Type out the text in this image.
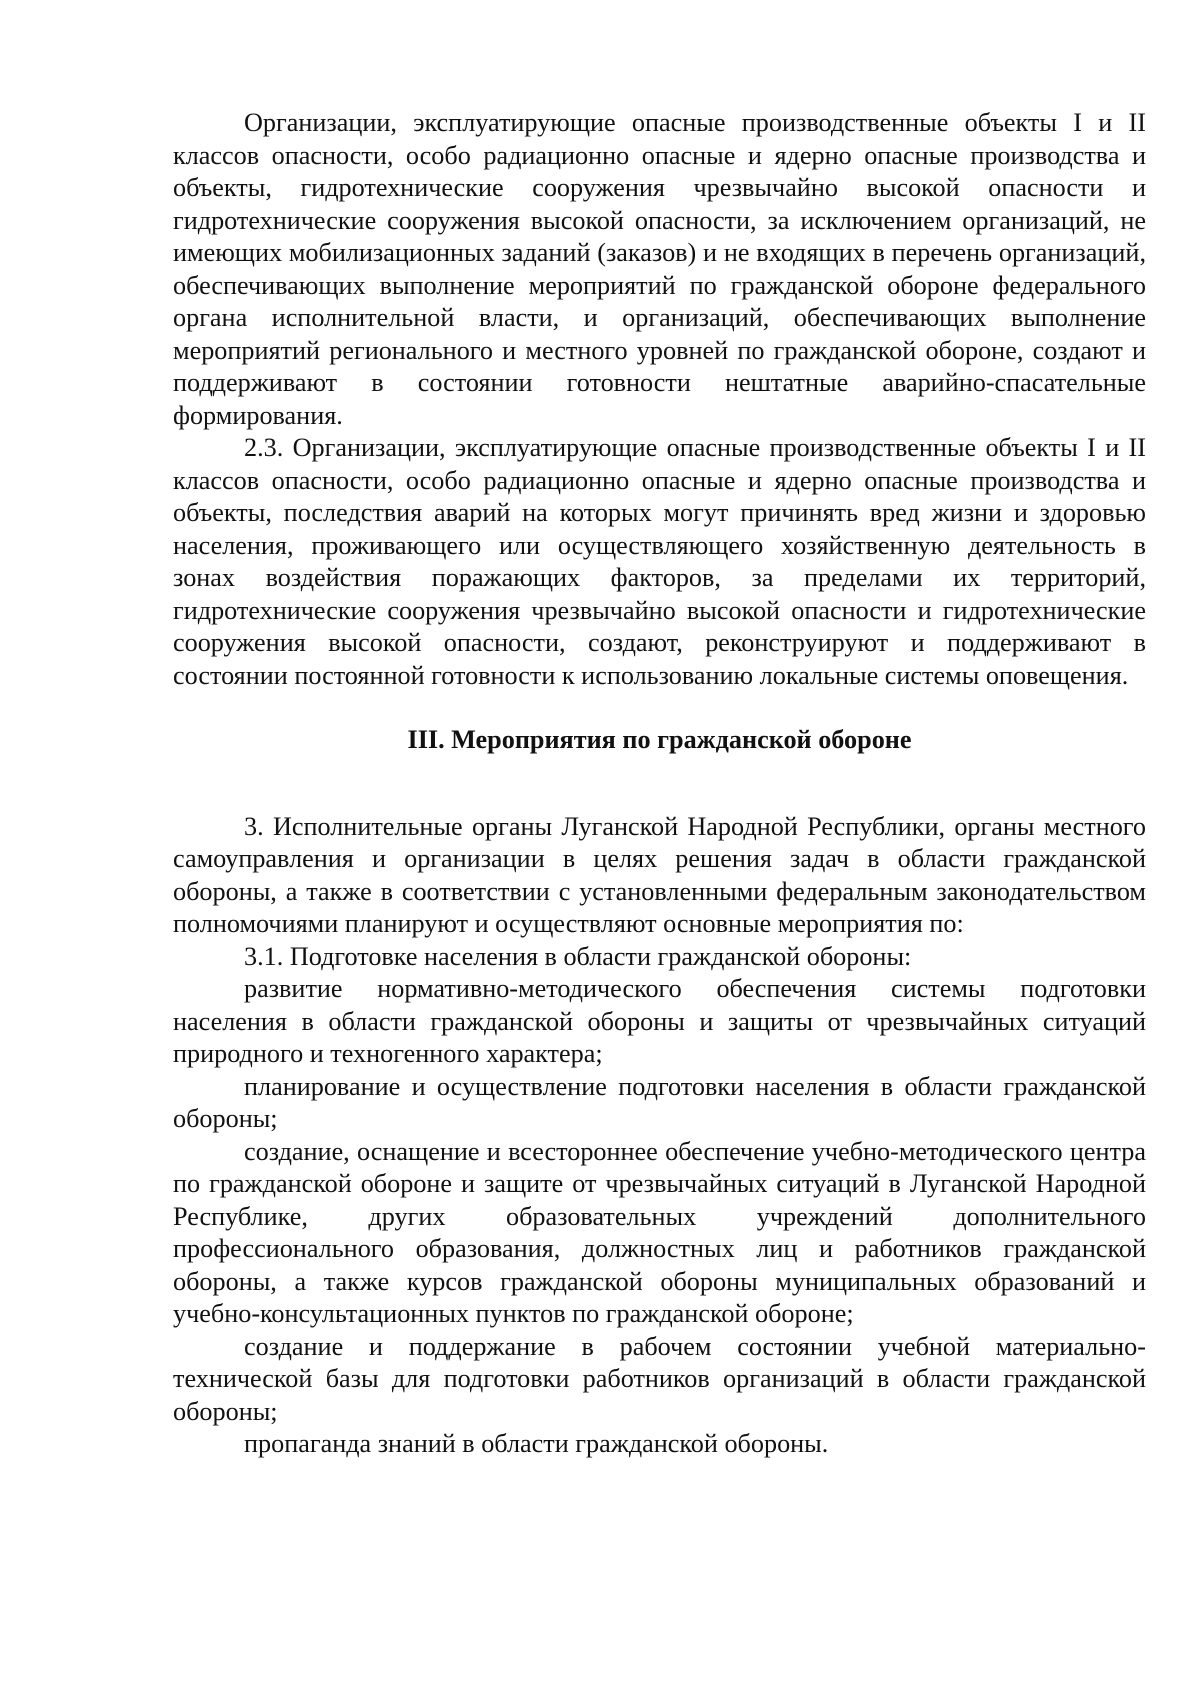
Организации, эксплуатирующие опасные производственные объекты I и II классов опасности, особо радиационно опасные и ядерно опасные производства и объекты, гидротехнические сооружения чрезвычайно высокой опасности и гидротехнические сооружения высокой опасности, за исключением организаций, не имеющих мобилизационных заданий (заказов) и не входящих в перечень организаций, обеспечивающих выполнение мероприятий по гражданской обороне федерального органа исполнительной власти, и организаций, обеспечивающих выполнение мероприятий регионального и местного уровней по гражданской обороне, создают и поддерживают в состоянии готовности нештатные аварийно-спасательные формирования.

2.3. Организации, эксплуатирующие опасные производственные объекты I и II классов опасности, особо радиационно опасные и ядерно опасные производства и объекты, последствия аварий на которых могут причинять вред жизни и здоровью населения, проживающего или осуществляющего хозяйственную деятельность в зонах воздействия поражающих факторов, за пределами их территорий, гидротехнические сооружения чрезвычайно высокой опасности и гидротехнические сооружения высокой опасности, создают, реконструируют и поддерживают в состоянии постоянной готовности к использованию локальные системы оповещения.

III. Мероприятия по гражданской обороне

3. Исполнительные органы Луганской Народной Республики, органы местного самоуправления и организации в целях решения задач в области гражданской обороны, а также в соответствии с установленными федеральным законодательством полномочиями планируют и осуществляют основные мероприятия по:

3.1. Подготовке населения в области гражданской обороны:

развитие нормативно-методического обеспечения системы подготовки населения в области гражданской обороны и защиты от чрезвычайных ситуаций природного и техногенного характера;

планирование и осуществление подготовки населения в области гражданской обороны;

создание, оснащение и всестороннее обеспечение учебно-методического центра по гражданской обороне и защите от чрезвычайных ситуаций в Луганской Народной Республике, других образовательных учреждений дополнительного профессионального образования, должностных лиц и работников гражданской обороны, а также курсов гражданской обороны муниципальных образований и учебно-консультационных пунктов по гражданской обороне;

создание и поддержание в рабочем состоянии учебной материально-технической базы для подготовки работников организаций в области гражданской обороны;

пропаганда знаний в области гражданской обороны.
